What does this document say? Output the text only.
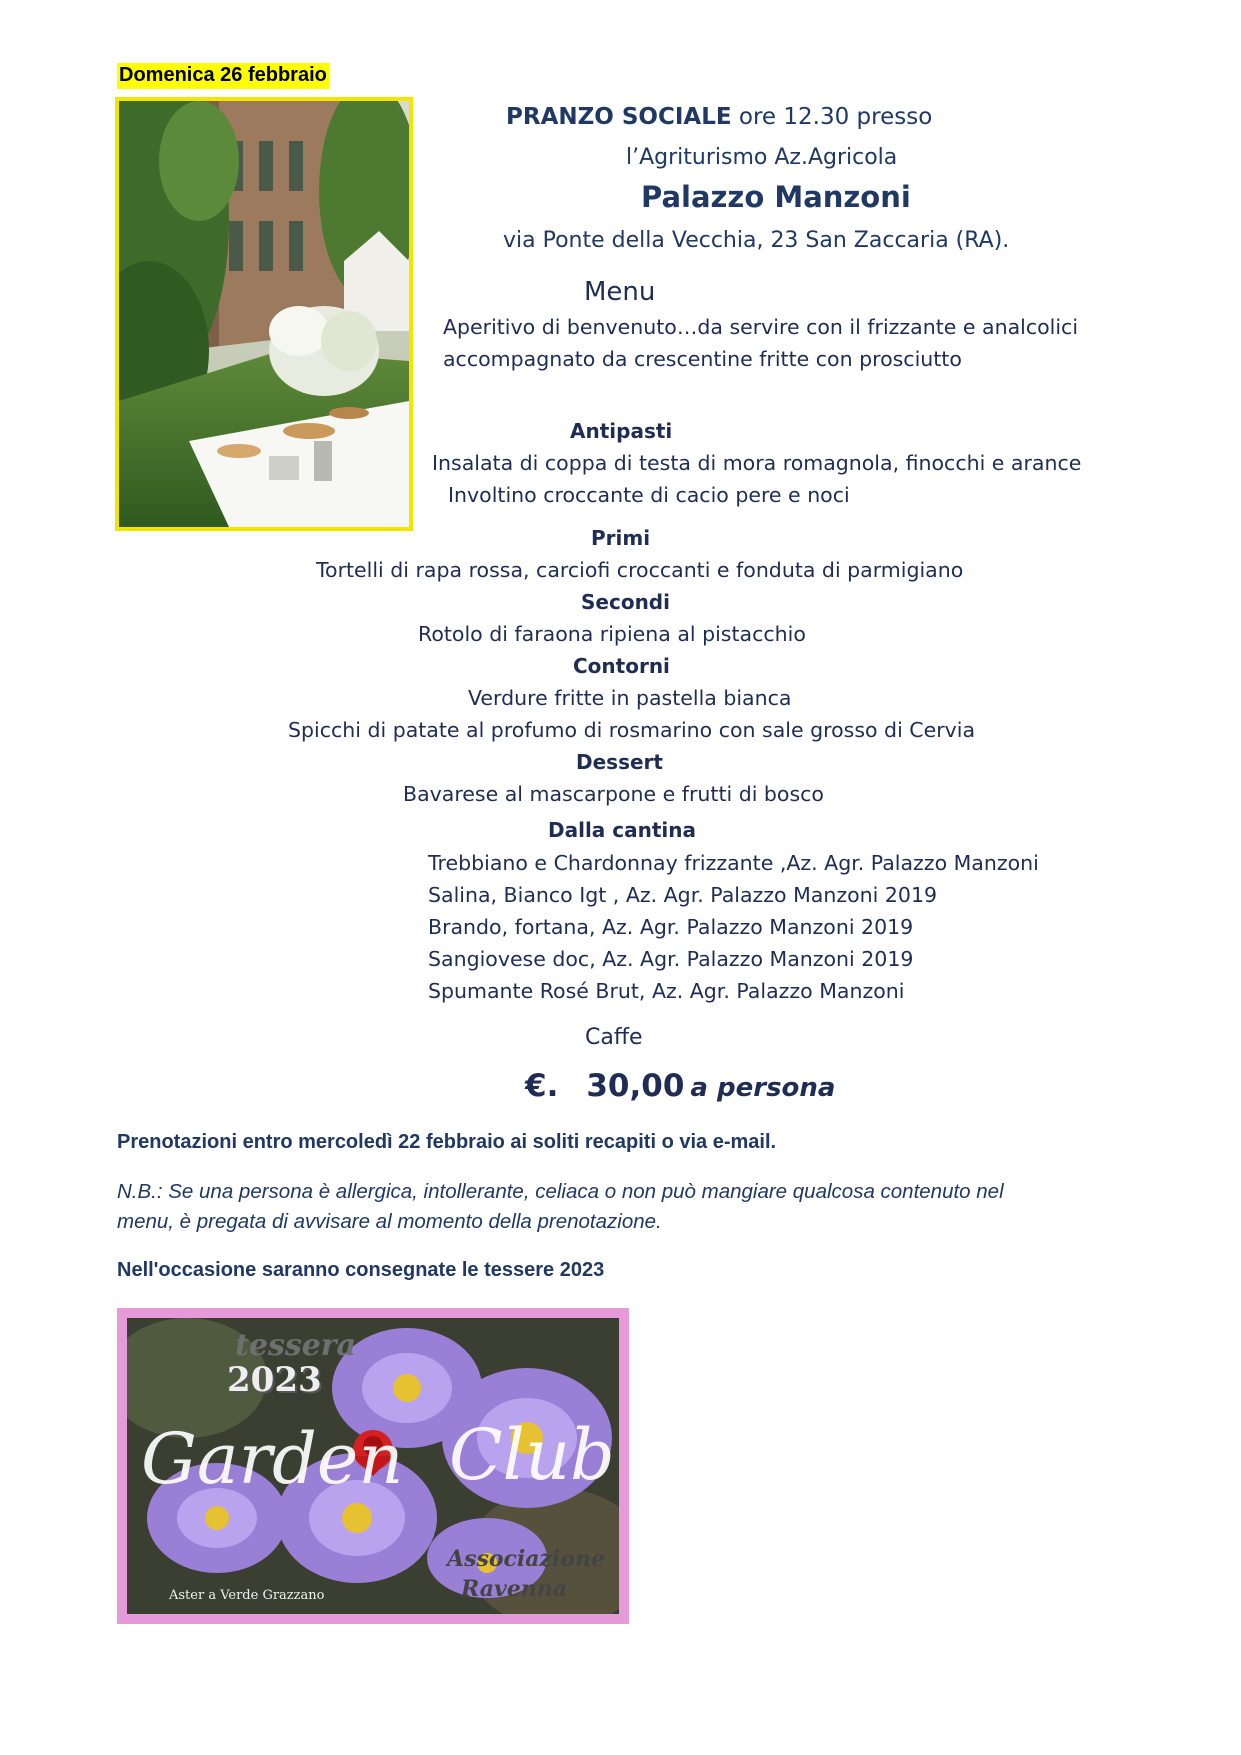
Domenica 26 febbraio
PRANZO SOCIALE ore 12.30 presso
l’Agriturismo Az.Agricola
Palazzo Manzoni
via Ponte della Vecchia, 23 San Zaccaria (RA).
Menu
Aperitivo di benvenuto…da servire con il frizzante e analcolici
accompagnato da crescentine fritte con prosciutto
Antipasti
Insalata di coppa di testa di mora romagnola, finocchi e arance
Involtino croccante di cacio pere e noci
Primi
Tortelli di rapa rossa, carciofi croccanti e fonduta di parmigiano
Secondi
Rotolo di faraona ripiena al pistacchio
Contorni
Verdure fritte in pastella bianca
Spicchi di patate al profumo di rosmarino con sale grosso di Cervia
Dessert
Bavarese al mascarpone e frutti di bosco
Dalla cantina
Trebbiano e Chardonnay frizzante ,Az. Agr. Palazzo Manzoni
Salina, Bianco Igt , Az. Agr. Palazzo Manzoni 2019
Brando, fortana, Az. Agr. Palazzo Manzoni 2019
Sangiovese doc, Az. Agr. Palazzo Manzoni 2019
Spumante Rosé Brut, Az. Agr. Palazzo Manzoni
Caffe
€. 30,00 a persona
Prenotazioni entro mercoledì 22 febbraio ai soliti recapiti o via e-mail.
N.B.: Se una persona è allergica, intollerante, celiaca o non può mangiare qualcosa contenuto nel
menu, è pregata di avvisare al momento della prenotazione.
Nell'occasione saranno consegnate le tessere 2023
tessera
2023
Garden Club
Associazione
Ravenna
Aster a Verde Grazzano
